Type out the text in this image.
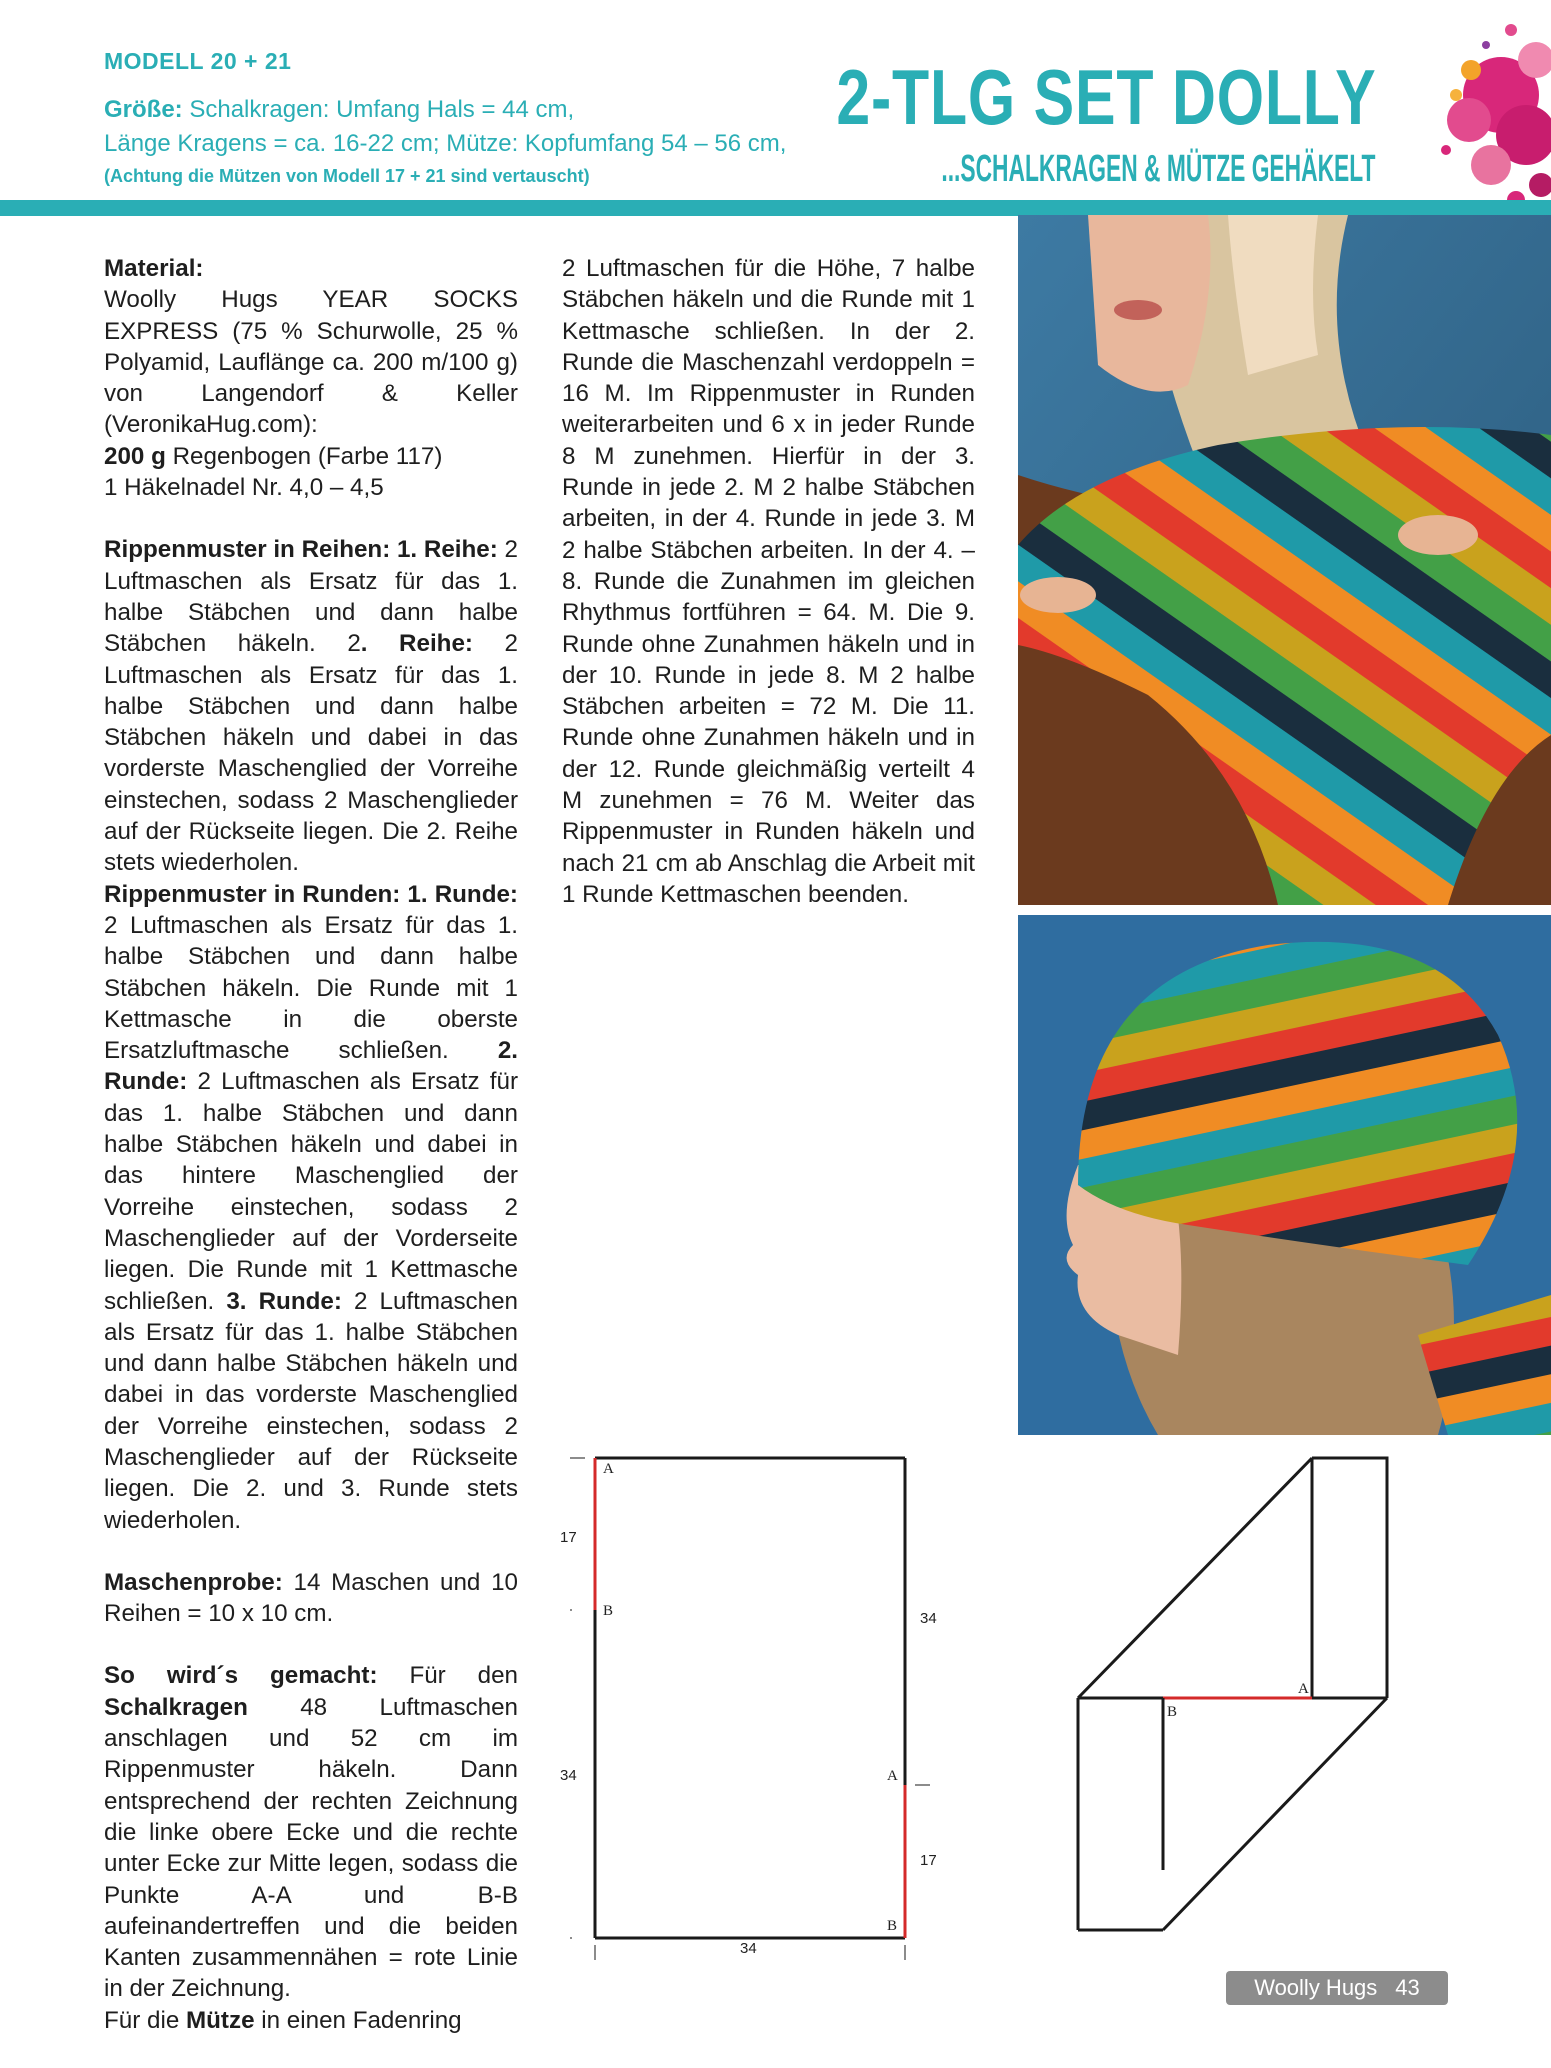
MODELL 20 + 21
Größe: Schalkragen: Umfang Hals = 44 cm,
Länge Kragens = ca. 16-22 cm; Mütze: Kopfumfang 54 – 56 cm,
(Achtung die Mützen von Modell 17 + 21 sind vertauscht)
2-TLG SET DOLLY
...SCHALKRAGEN & MÜTZE GEHÄKELT

Material:

Woolly Hugs YEAR SOCKS EXPRESS (75 % Schurwolle, 25 % Polyamid, Lauflänge ca. 200 m/100 g) von Langendorf & Keller (VeronikaHug.com):

200 g Regenbogen (Farbe 117)

1 Häkelnadel Nr. 4,0 – 4,5

Rippenmuster in Reihen: 1. Reihe: 2 Luftmaschen als Ersatz für das 1. halbe Stäbchen und dann halbe Stäbchen häkeln. 2. Reihe: 2 Luftmaschen als Ersatz für das 1. halbe Stäbchen und dann halbe Stäbchen häkeln und dabei in das vorderste Maschenglied der Vorreihe einstechen, sodass 2 Maschenglieder auf der Rückseite liegen. Die 2. Reihe stets wiederholen.

Rippenmuster in Runden: 1. Runde: 2 Luftmaschen als Ersatz für das 1. halbe Stäbchen und dann halbe Stäbchen häkeln. Die Runde mit 1 Kettmasche in die oberste Ersatzluftmasche schließen. 2. Runde: 2 Luftmaschen als Ersatz für das 1. halbe Stäbchen und dann halbe Stäbchen häkeln und dabei in das hintere Maschenglied der Vorreihe einstechen, sodass 2 Maschenglieder auf der Vorderseite liegen. Die Runde mit 1 Kettmasche schließen. 3. Runde: 2 Luftmaschen als Ersatz für das 1. halbe Stäbchen und dann halbe Stäbchen häkeln und dabei in das vorderste Maschenglied der Vorreihe einstechen, sodass 2 Maschenglieder auf der Rückseite liegen. Die 2. und 3. Runde stets wiederholen.

Maschenprobe: 14 Maschen und 10 Reihen = 10 x 10 cm.

So wird´s gemacht: Für den Schalkragen 48 Luftmaschen anschlagen und 52 cm im Rippenmuster häkeln. Dann entsprechend der rechten Zeichnung die linke obere Ecke und die rechte unter Ecke zur Mitte legen, sodass die Punkte A-A und B-B aufeinandertreffen und die beiden Kanten zusammennähen = rote Linie in der Zeichnung.

Für die Mütze in einen Fadenring

2 Luftmaschen für die Höhe, 7 halbe Stäbchen häkeln und die Runde mit 1 Kettmasche schließen. In der 2. Runde die Maschenzahl verdoppeln = 16 M. Im Rippenmuster in Runden weiterarbeiten und 6 x in jeder Runde 8 M zunehmen. Hierfür in der 3. Runde in jede 2. M 2 halbe Stäbchen arbeiten, in der 4. Runde in jede 3. M 2 halbe Stäbchen arbeiten. In der 4. – 8. Runde die Zunahmen im gleichen Rhythmus fortführen = 64. M. Die 9. Runde ohne Zunahmen häkeln und in der 10. Runde in jede 8. M 2 halbe Stäbchen arbeiten = 72 M. Die 11. Runde ohne Zunahmen häkeln und in der 12. Runde gleichmäßig verteilt 4 M zunehmen = 76 M. Weiter das Rippenmuster in Runden häkeln und nach 21 cm ab Anschlag die Arbeit mit 1 Runde Kettmaschen beenden.

17
34
34
17
34
A
B
A
B
B
A
Woolly Hugs 43
